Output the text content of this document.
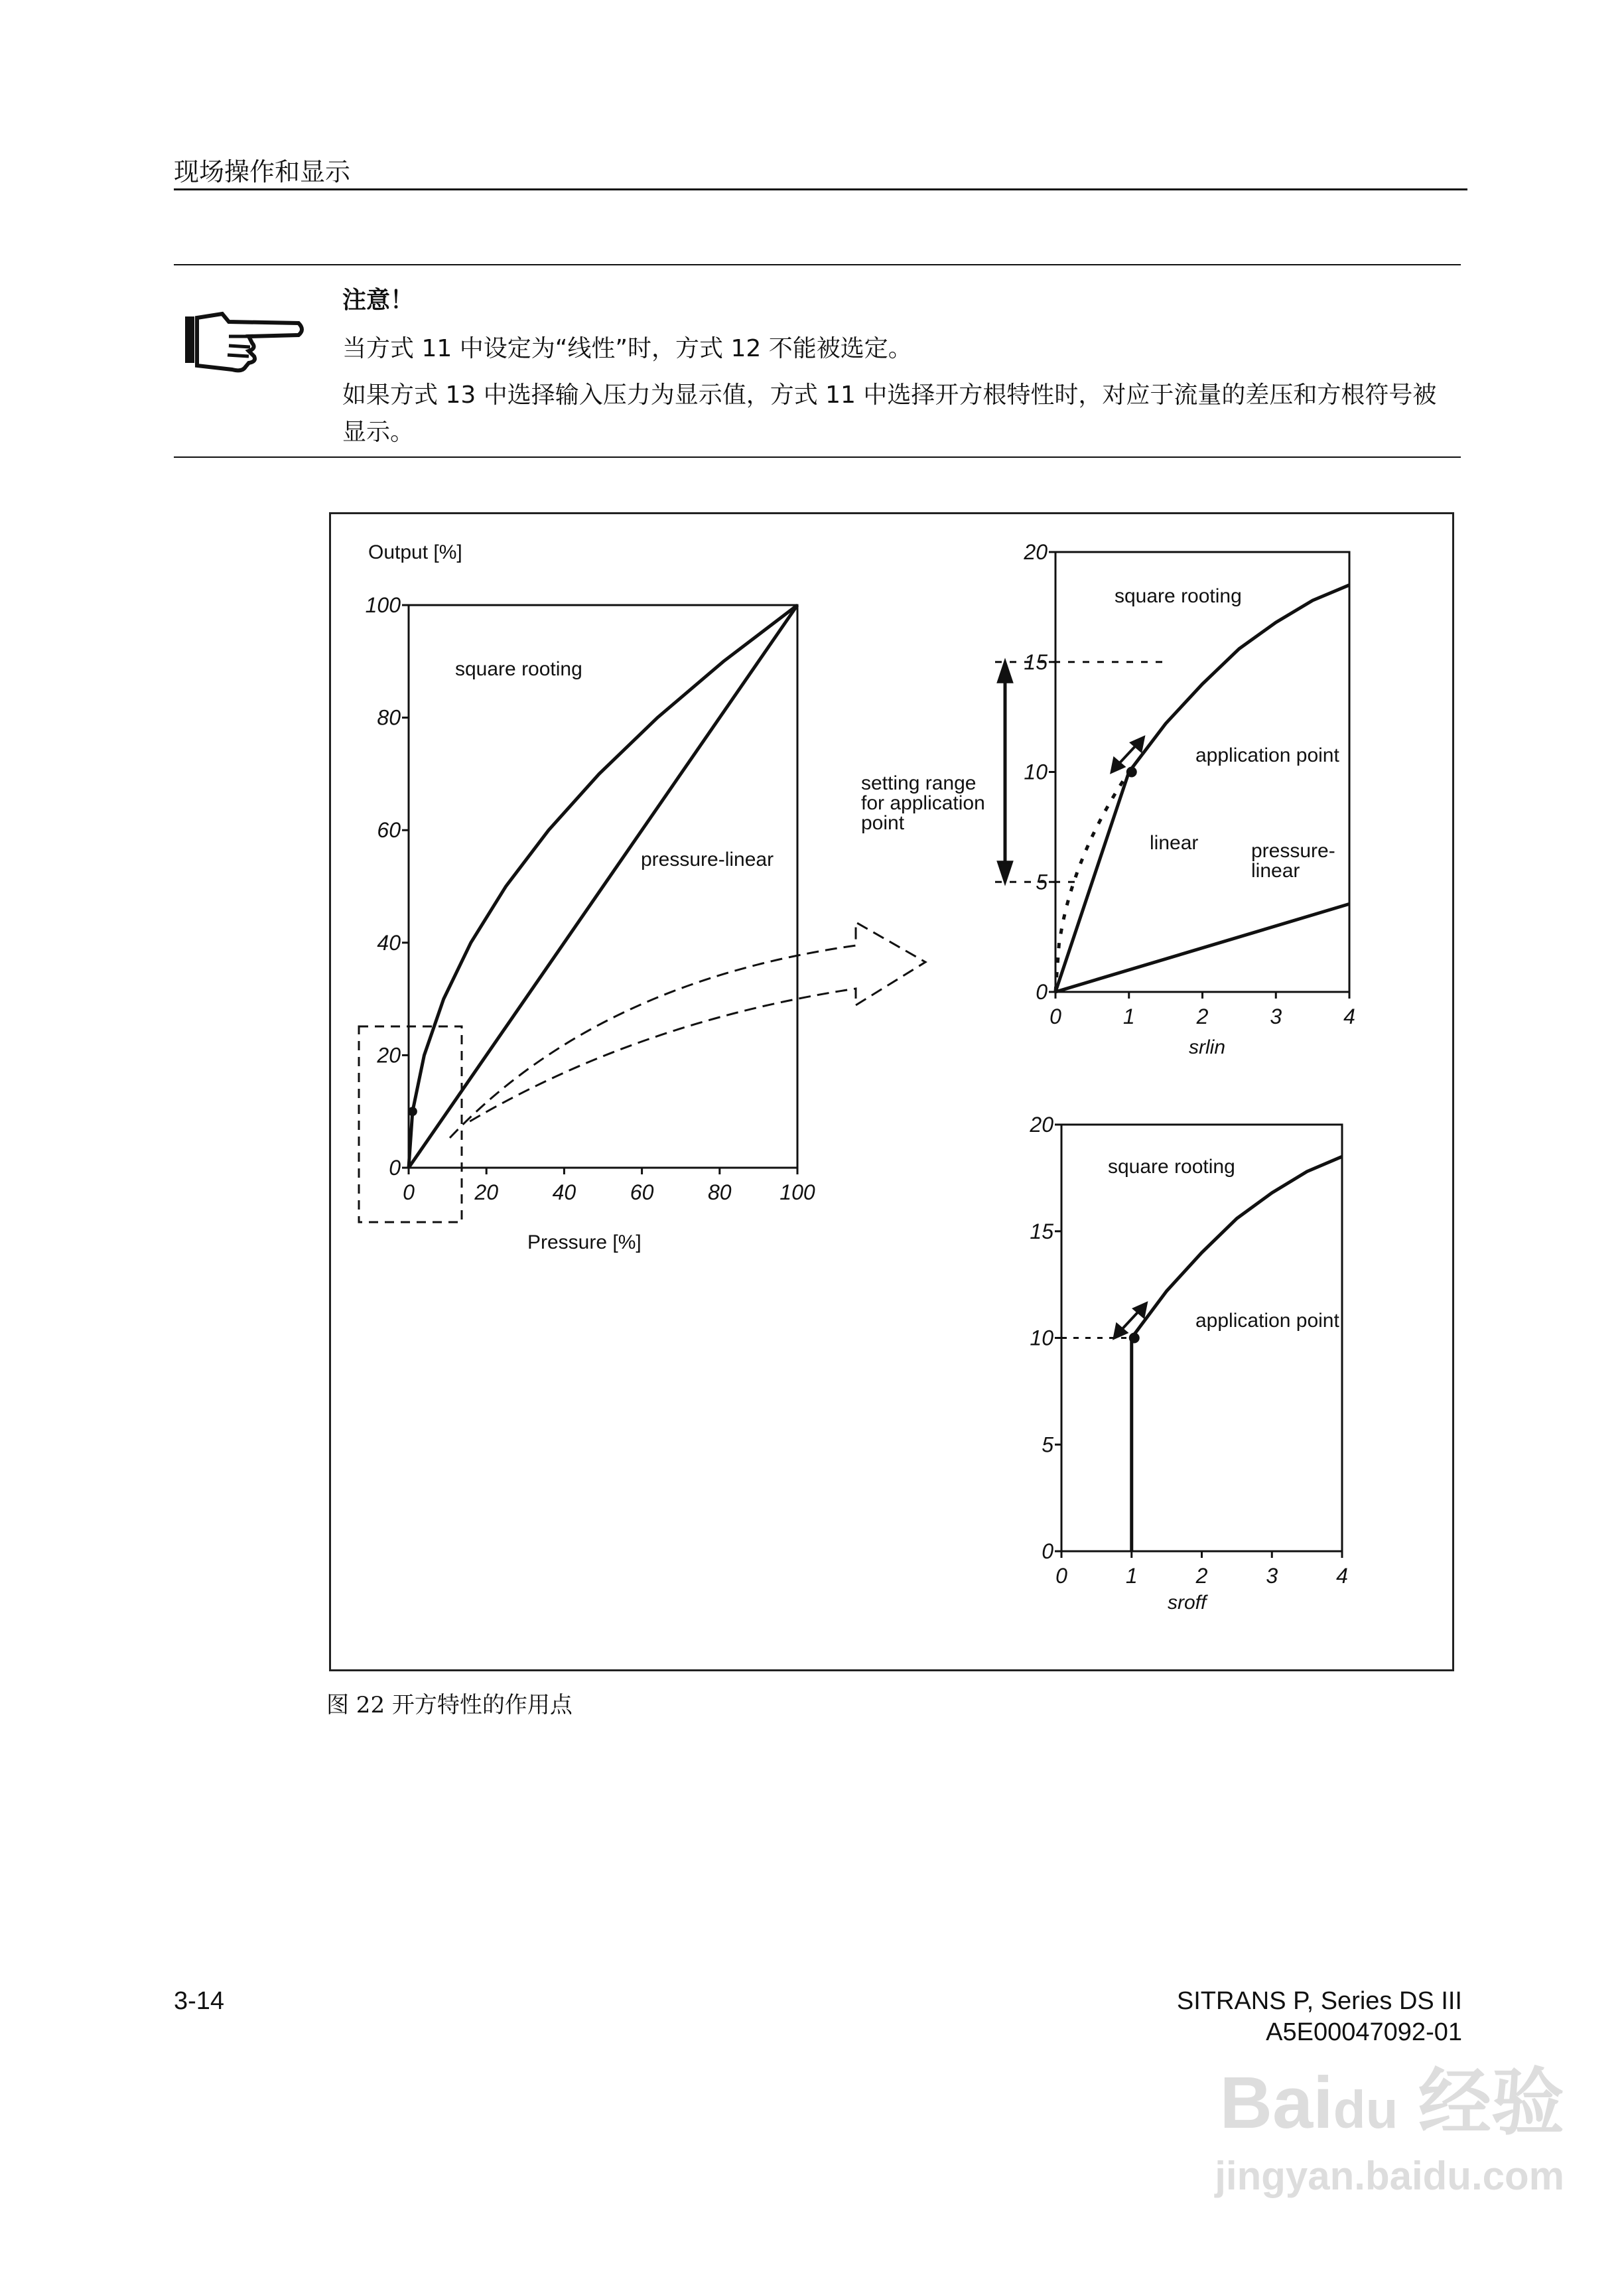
现场操作和显示
注意！
当方式 11 中设定为“线性”时，方式 12 不能被选定。
如果方式 13 中选择输入压力为显示值，方式 11 中选择开方根特性时，对应于流量的差压和方根符号被显示。
0	20	40	60	80 100
0
20
40
60
80
100
0	1	2	3	4
0
5
10
15
20
0	1	2	3	4
0
5
10
15
20
Output [%]
Pressure [%]
square rooting
pressure-linear
square rooting
application point
linear	pressure-
linear
setting range
for application
point
srlin
square rooting
application point
sroff
图 22 开方特性的作用点
3-14	SITRANS P, Series DS III
A5E00047092-01
Baidu 经验
jingyan.baidu.com
